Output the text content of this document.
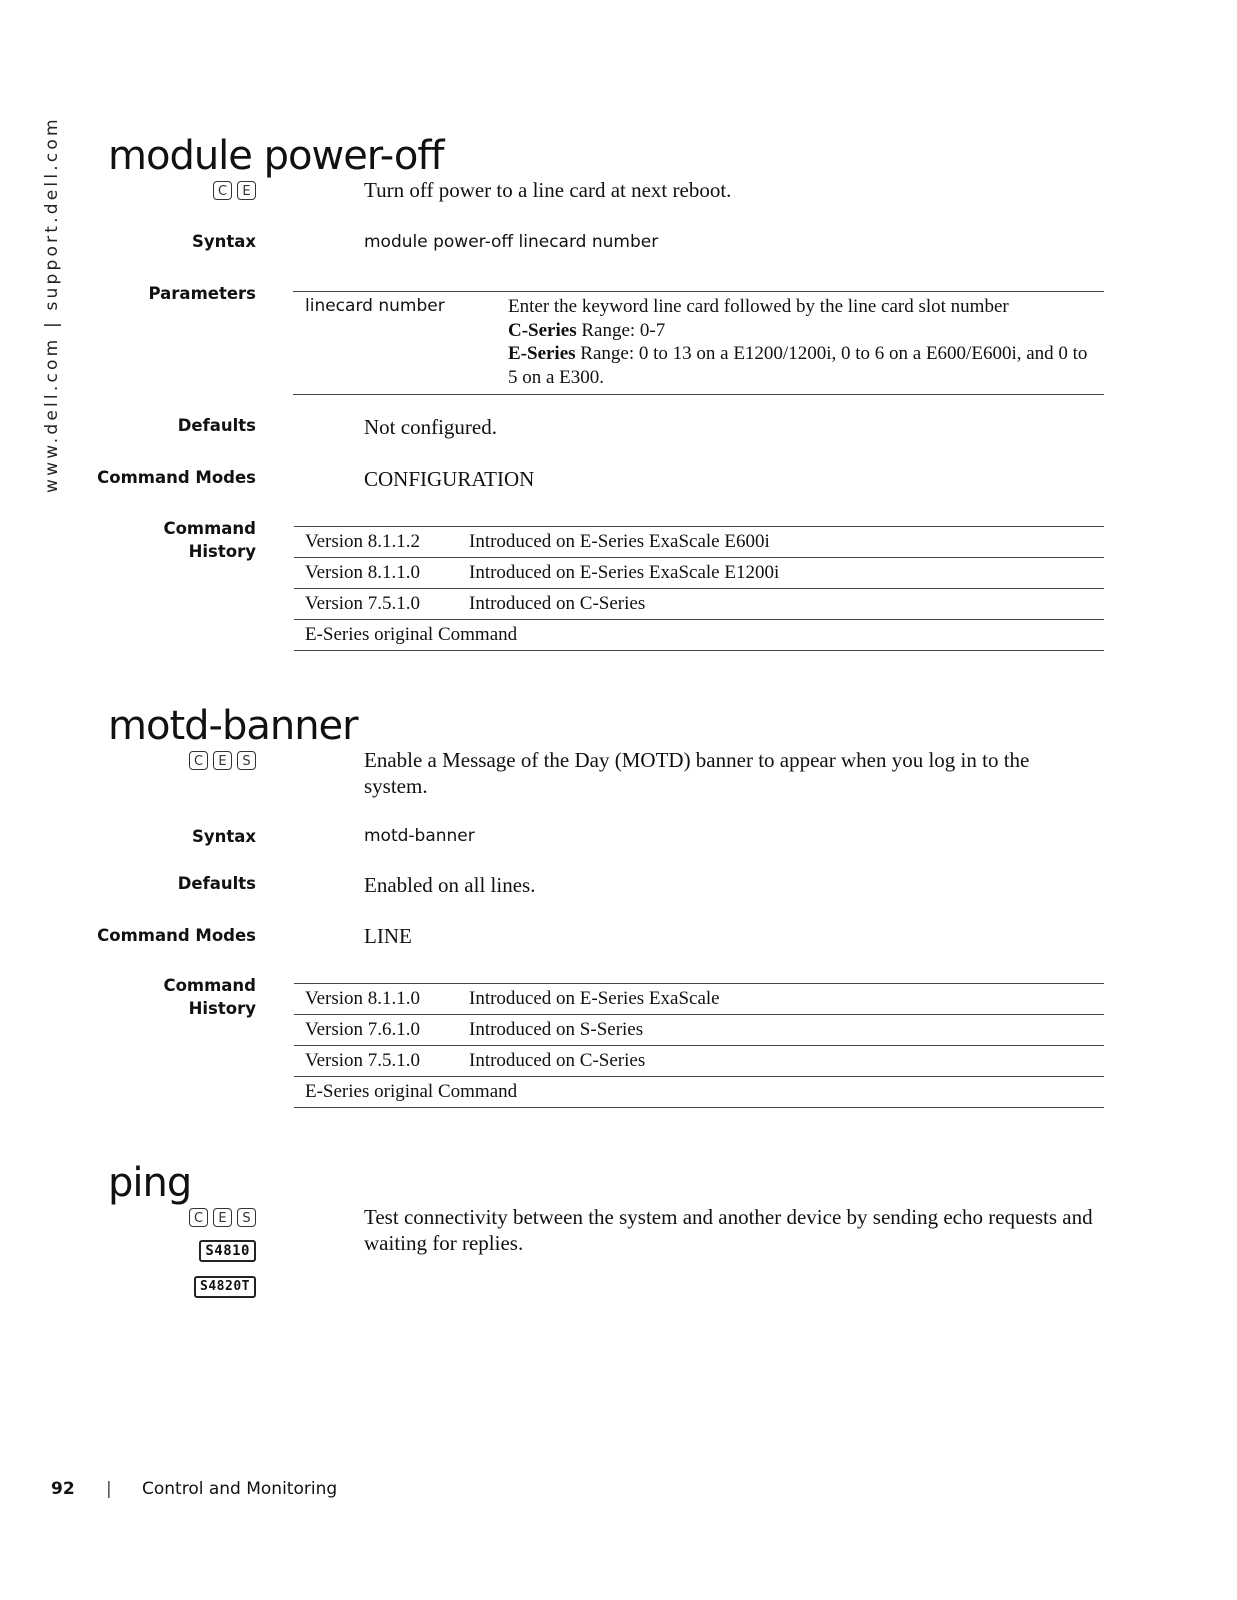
www.dell.com | support.dell.com module power-off
C	E	Turn off power to a line card at next reboot.
Syntax	module power-off linecard number
Parameters
linecard number	Enter the keyword line card followed by the line card slot number
C-Series Range: 0-7
E-Series Range: 0 to 13 on a E1200/1200i, 0 to 6 on a E600/E600i, and 0 to 5 on a E300.
Defaults	Not configured.
Command Modes	CONFIGURATION
Command
History	Version 8.1.1.2	Introduced on E-Series ExaScale E600i
Version 8.1.1.0	Introduced on E-Series ExaScale E1200i
Version 7.5.1.0	Introduced on C-Series
E-Series original Command	
motd-banner
C	E	S	Enable a Message of the Day (MOTD) banner to appear when you log in to the system.
Syntax	motd-banner
Defaults	Enabled on all lines.
Command Modes	LINE
Command
History	Version 8.1.1.0	Introduced on E-Series ExaScale
Version 7.6.1.0	Introduced on S-Series
Version 7.5.1.0	Introduced on C-Series
E-Series original Command	
ping
C	E	S
S4810
S4820T
Test connectivity between the system and another device by sending echo requests and waiting for replies.
92 | Control and Monitoring
